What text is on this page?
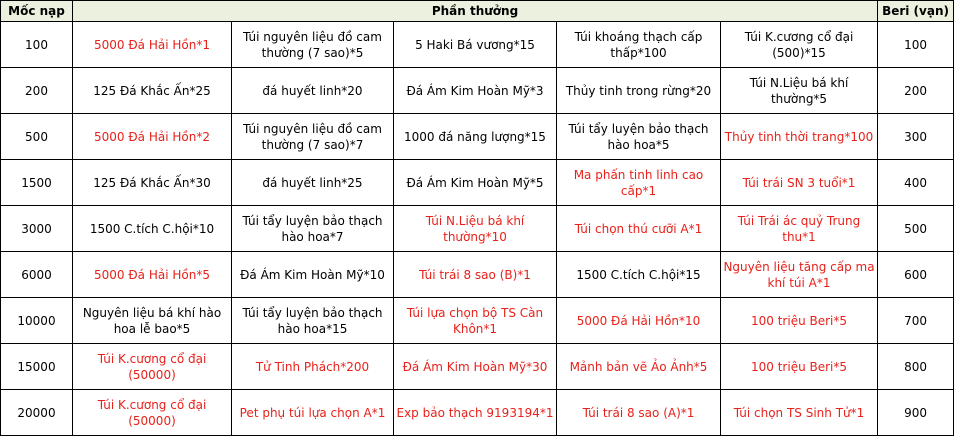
Mốc nạp	Phần thưởng					Beri (vạn)
100	5000 Đá Hải Hồn*1	Túi nguyên liệu đồ cam thường (7 sao)*5	5 Haki Bá vương*15	Túi khoáng thạch cấp thấp*100	Túi K.cương cổ đại (500)*15	100
200	125 Đá Khắc Ấn*25	đá huyết linh*20	Đá Ám Kim Hoàn Mỹ*3	Thủy tinh trong rừng*20	Túi N.Liệu bá khí thường*5	200
500	5000 Đá Hải Hồn*2	Túi nguyên liệu đồ cam thường (7 sao)*7	1000 đá năng lượng*15	Túi tẩy luyện bảo thạch hào hoa*5	Thủy tinh thời trang*100	300
1500	125 Đá Khắc Ấn*30	đá huyết linh*25	Đá Ám Kim Hoàn Mỹ*5	Ma phấn tinh linh cao cấp*1	Túi trái SN 3 tuổi*1	400
3000	1500 C.tích C.hội*10	Túi tẩy luyện bảo thạch hào hoa*7	Túi N.Liệu bá khí thường*10	Túi chọn thú cưỡi A*1	Túi Trái ác quỷ Trung thu*1	500
6000	5000 Đá Hải Hồn*5	Đá Ám Kim Hoàn Mỹ*10	Túi trái 8 sao (B)*1	1500 C.tích C.hội*15	Nguyên liệu tăng cấp ma khí túi A*1	600
10000	Nguyên liệu bá khí hào hoa lễ bao*5	Túi tẩy luyện bảo thạch hào hoa*15	Túi lựa chọn bộ TS Càn Khôn*1	5000 Đá Hải Hồn*10	100 triệu Beri*5	700
15000	Túi K.cương cổ đại (50000)	Tử Tinh Phách*200	Đá Ám Kim Hoàn Mỹ*30	Mảnh bản vẽ Ảo Ảnh*5	100 triệu Beri*5	800
20000	Túi K.cương cổ đại (50000)	Pet phụ túi lựa chọn A*1	Exp bảo thạch 9193194*1	Túi trái 8 sao (A)*1	Túi chọn TS Sinh Tử*1	900
